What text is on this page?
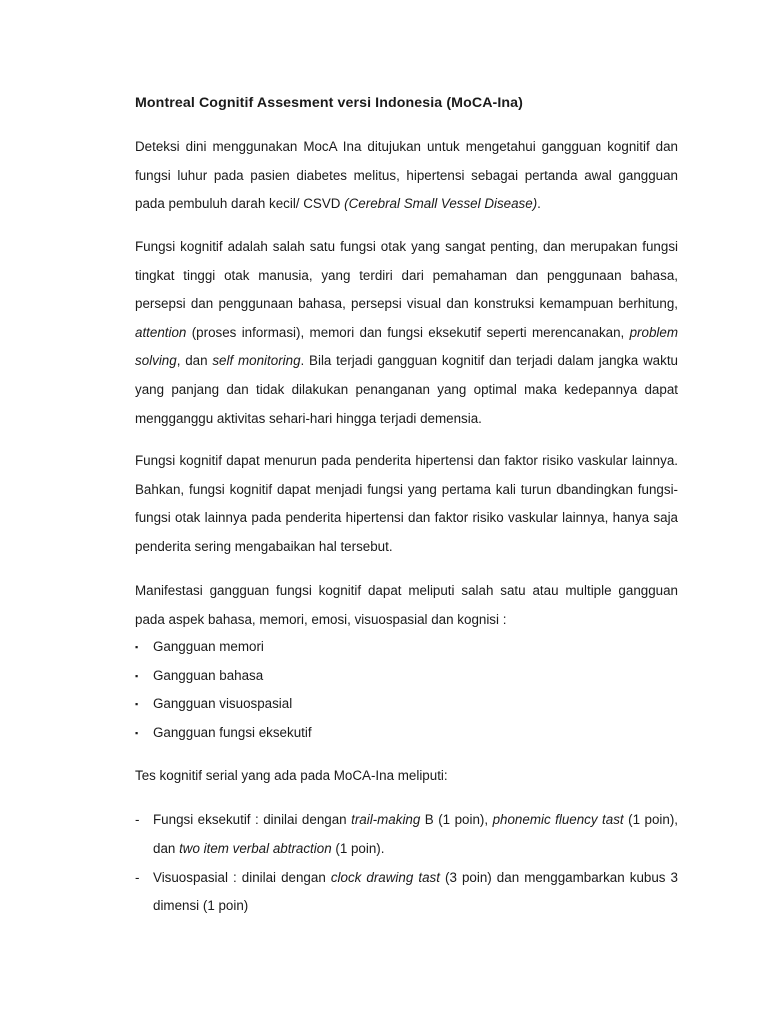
Montreal Cognitif Assesment versi Indonesia (MoCA-Ina)

Deteksi dini menggunakan MocA Ina ditujukan untuk mengetahui gangguan kognitif dan fungsi luhur pada pasien diabetes melitus, hipertensi sebagai pertanda awal gangguan pada pembuluh darah kecil/ CSVD (Cerebral Small Vessel Disease).

Fungsi kognitif adalah salah satu fungsi otak yang sangat penting, dan merupakan fungsi tingkat tinggi otak manusia, yang terdiri dari pemahaman dan penggunaan bahasa, persepsi dan penggunaan bahasa, persepsi visual dan konstruksi kemampuan berhitung, attention (proses informasi), memori dan fungsi eksekutif seperti merencanakan, problem solving, dan self monitoring. Bila terjadi gangguan kognitif dan terjadi dalam jangka waktu yang panjang dan tidak dilakukan penanganan yang optimal maka kedepannya dapat mengganggu aktivitas sehari-hari hingga terjadi demensia.

Fungsi kognitif dapat menurun pada penderita hipertensi dan faktor risiko vaskular lainnya. Bahkan, fungsi kognitif dapat menjadi fungsi yang pertama kali turun dbandingkan fungsi-fungsi otak lainnya pada penderita hipertensi dan faktor risiko vaskular lainnya, hanya saja penderita sering mengabaikan hal tersebut.

Manifestasi gangguan fungsi kognitif dapat meliputi salah satu atau multiple gangguan pada aspek bahasa, memori, emosi, visuospasial dan kognisi :

▪ Gangguan memori
▪ Gangguan bahasa
▪ Gangguan visuospasial
▪ Gangguan fungsi eksekutif

Tes kognitif serial yang ada pada MoCA-Ina meliputi:

- Fungsi eksekutif : dinilai dengan trail-making B (1 poin), phonemic fluency tast (1 poin), dan two item verbal abtraction (1 poin).
- Visuospasial : dinilai dengan clock drawing tast (3 poin) dan menggambarkan kubus 3 dimensi (1 poin)
